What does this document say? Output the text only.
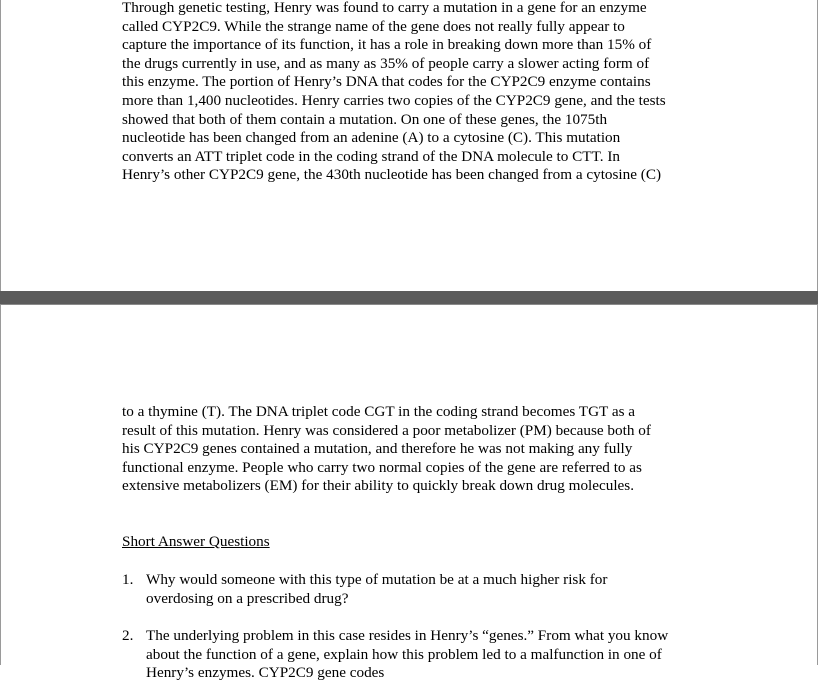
Through genetic testing, Henry was found to carry a mutation in a gene for an enzyme
called CYP2C9. While the strange name of the gene does not really fully appear to
capture the importance of its function, it has a role in breaking down more than 15% of
the drugs currently in use, and as many as 35% of people carry a slower acting form of
this enzyme. The portion of Henry’s DNA that codes for the CYP2C9 enzyme contains
more than 1,400 nucleotides. Henry carries two copies of the CYP2C9 gene, and the tests
showed that both of them contain a mutation. On one of these genes, the 1075th
nucleotide has been changed from an adenine (A) to a cytosine (C). This mutation
converts an ATT triplet code in the coding strand of the DNA molecule to CTT. In
Henry’s other CYP2C9 gene, the 430th nucleotide has been changed from a cytosine (C)
to a thymine (T). The DNA triplet code CGT in the coding strand becomes TGT as a
result of this mutation. Henry was considered a poor metabolizer (PM) because both of
his CYP2C9 genes contained a mutation, and therefore he was not making any fully
functional enzyme. People who carry two normal copies of the gene are referred to as
extensive metabolizers (EM) for their ability to quickly break down drug molecules.
Short Answer Questions
1. Why would someone with this type of mutation be at a much higher risk for
overdosing on a prescribed drug?
2. The underlying problem in this case resides in Henry’s “genes.” From what you know
about the function of a gene, explain how this problem led to a malfunction in one of
Henry’s enzymes. CYP2C9 gene codes
